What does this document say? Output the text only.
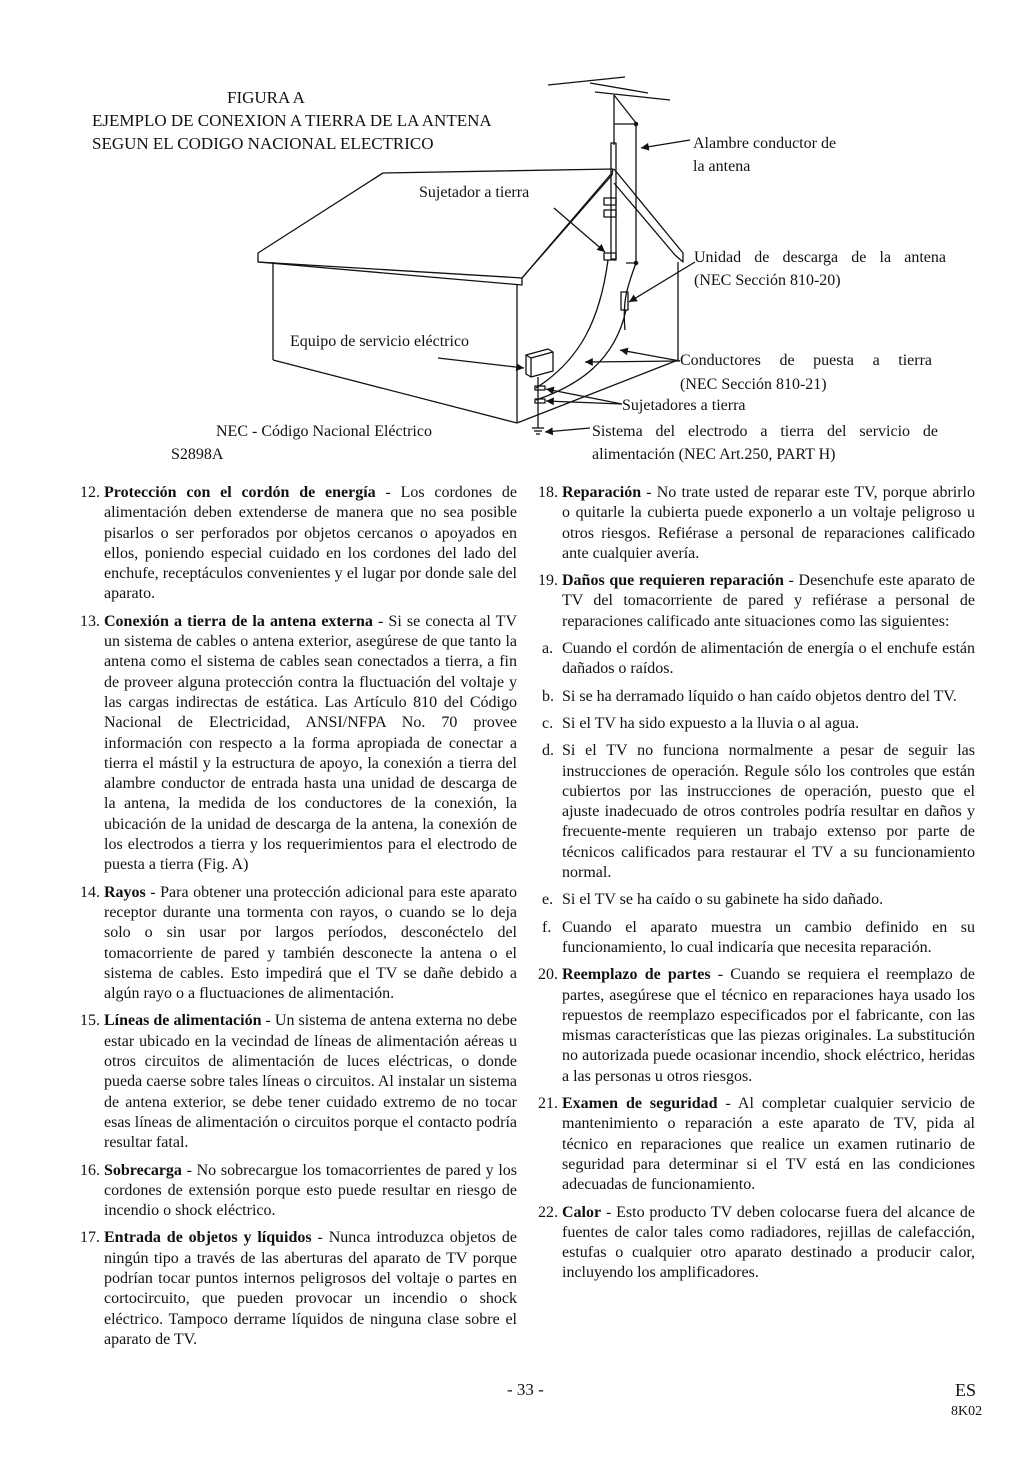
FIGURA A
EJEMPLO DE CONEXION A TIERRA DE LA ANTENA
SEGUN EL CODIGO NACIONAL ELECTRICO	Alambre conductor de
la antena
Sujetador a tierra
Unidad de descarga de la antena
(NEC Sección 810-20)
Equipo de servicio eléctrico
Conductores de puesta a tierra
(NEC Sección 810-21)
Sujetadores a tierra
Sistema del electrodo a tierra del servicio de
alimentación (NEC Art.250, PART H)
NEC - Código Nacional Eléctrico
S2898A
12. Protección con el cordón de energía - Los cordones de alimentación deben extenderse de manera que no sea posible pisarlos o ser perforados por objetos cercanos o apoyados en ellos, poniendo especial cuidado en los cordones del lado del enchufe, receptáculos convenientes y el lugar por donde sale del aparato.
13. Conexión a tierra de la antena externa - Si se conecta al TV un sistema de cables o antena exterior, asegúrese de que tanto la antena como el sistema de cables sean conectados a tierra, a fin de proveer alguna protección contra la fluctuación del voltaje y las cargas indirectas de estática. Las Artículo 810 del Código Nacional de Electricidad, ANSI/NFPA No. 70 provee información con respecto a la forma apropiada de conectar a tierra el mástil y la estructura de apoyo, la conexión a tierra del alambre conductor de entrada hasta una unidad de descarga de la antena, la medida de los conductores de la conexión, la ubicación de la unidad de descarga de la antena, la conexión de los electrodos a tierra y los requerimientos para el electrodo de puesta a tierra (Fig. A)
14. Rayos - Para obtener una protección adicional para este aparato receptor durante una tormenta con rayos, o cuando se lo deja solo o sin usar por largos períodos, desconéctelo del tomacorriente de pared y también desconecte la antena o el sistema de cables. Esto impedirá que el TV se dañe debido a algún rayo o a fluctuaciones de alimentación.
15. Líneas de alimentación - Un sistema de antena externa no debe estar ubicado en la vecindad de líneas de alimentación aéreas u otros circuitos de alimentación de luces eléctricas, o donde pueda caerse sobre tales líneas o circuitos. Al instalar un sistema de antena exterior, se debe tener cuidado extremo de no tocar esas líneas de alimentación o circuitos porque el contacto podría resultar fatal.
16. Sobrecarga - No sobrecargue los tomacorrientes de pared y los cordones de extensión porque esto puede resultar en riesgo de incendio o shock eléctrico.
17. Entrada de objetos y líquidos - Nunca introduzca objetos de ningún tipo a través de las aberturas del aparato de TV porque podrían tocar puntos internos peligrosos del voltaje o partes en cortocircuito, que pueden provocar un incendio o shock eléctrico. Tampoco derrame líquidos de ninguna clase sobre el aparato de TV.
18. Reparación - No trate usted de reparar este TV, porque abrirlo o quitarle la cubierta puede exponerlo a un voltaje peligroso u otros riesgos. Refiérase a personal de reparaciones calificado ante cualquier avería.
19. Daños que requieren reparación - Desenchufe este aparato de TV del tomacorriente de pared y refiérase a personal de reparaciones calificado ante situaciones como las siguientes:
a. Cuando el cordón de alimentación de energía o el enchufe están dañados o raídos.
b. Si se ha derramado líquido o han caído objetos dentro del TV.
c. Si el TV ha sido expuesto a la lluvia o al agua.
d. Si el TV no funciona normalmente a pesar de seguir las instrucciones de operación. Regule sólo los controles que están cubiertos por las instrucciones de operación, puesto que el ajuste inadecuado de otros controles podría resultar en daños y frecuente-mente requieren un trabajo extenso por parte de técnicos calificados para restaurar el TV a su funcionamiento normal.
e. Si el TV se ha caído o su gabinete ha sido dañado.
f. Cuando el aparato muestra un cambio definido en su funcionamiento, lo cual indicaría que necesita reparación.
20. Reemplazo de partes - Cuando se requiera el reemplazo de partes, asegúrese que el técnico en reparaciones haya usado los repuestos de reemplazo especificados por el fabricante, con las mismas características que las piezas originales. La substitución no autorizada puede ocasionar incendio, shock eléctrico, heridas a las personas u otros riesgos.
21. Examen de seguridad - Al completar cualquier servicio de mantenimiento o reparación a este aparato de TV, pida al técnico en reparaciones que realice un examen rutinario de seguridad para determinar si el TV está en las condiciones adecuadas de funcionamiento.
22. Calor - Esto producto TV deben colocarse fuera del alcance de fuentes de calor tales como radiadores, rejillas de calefacción, estufas o cualquier otro aparato destinado a producir calor, incluyendo los amplificadores.
- 33 -	ES
8K02
